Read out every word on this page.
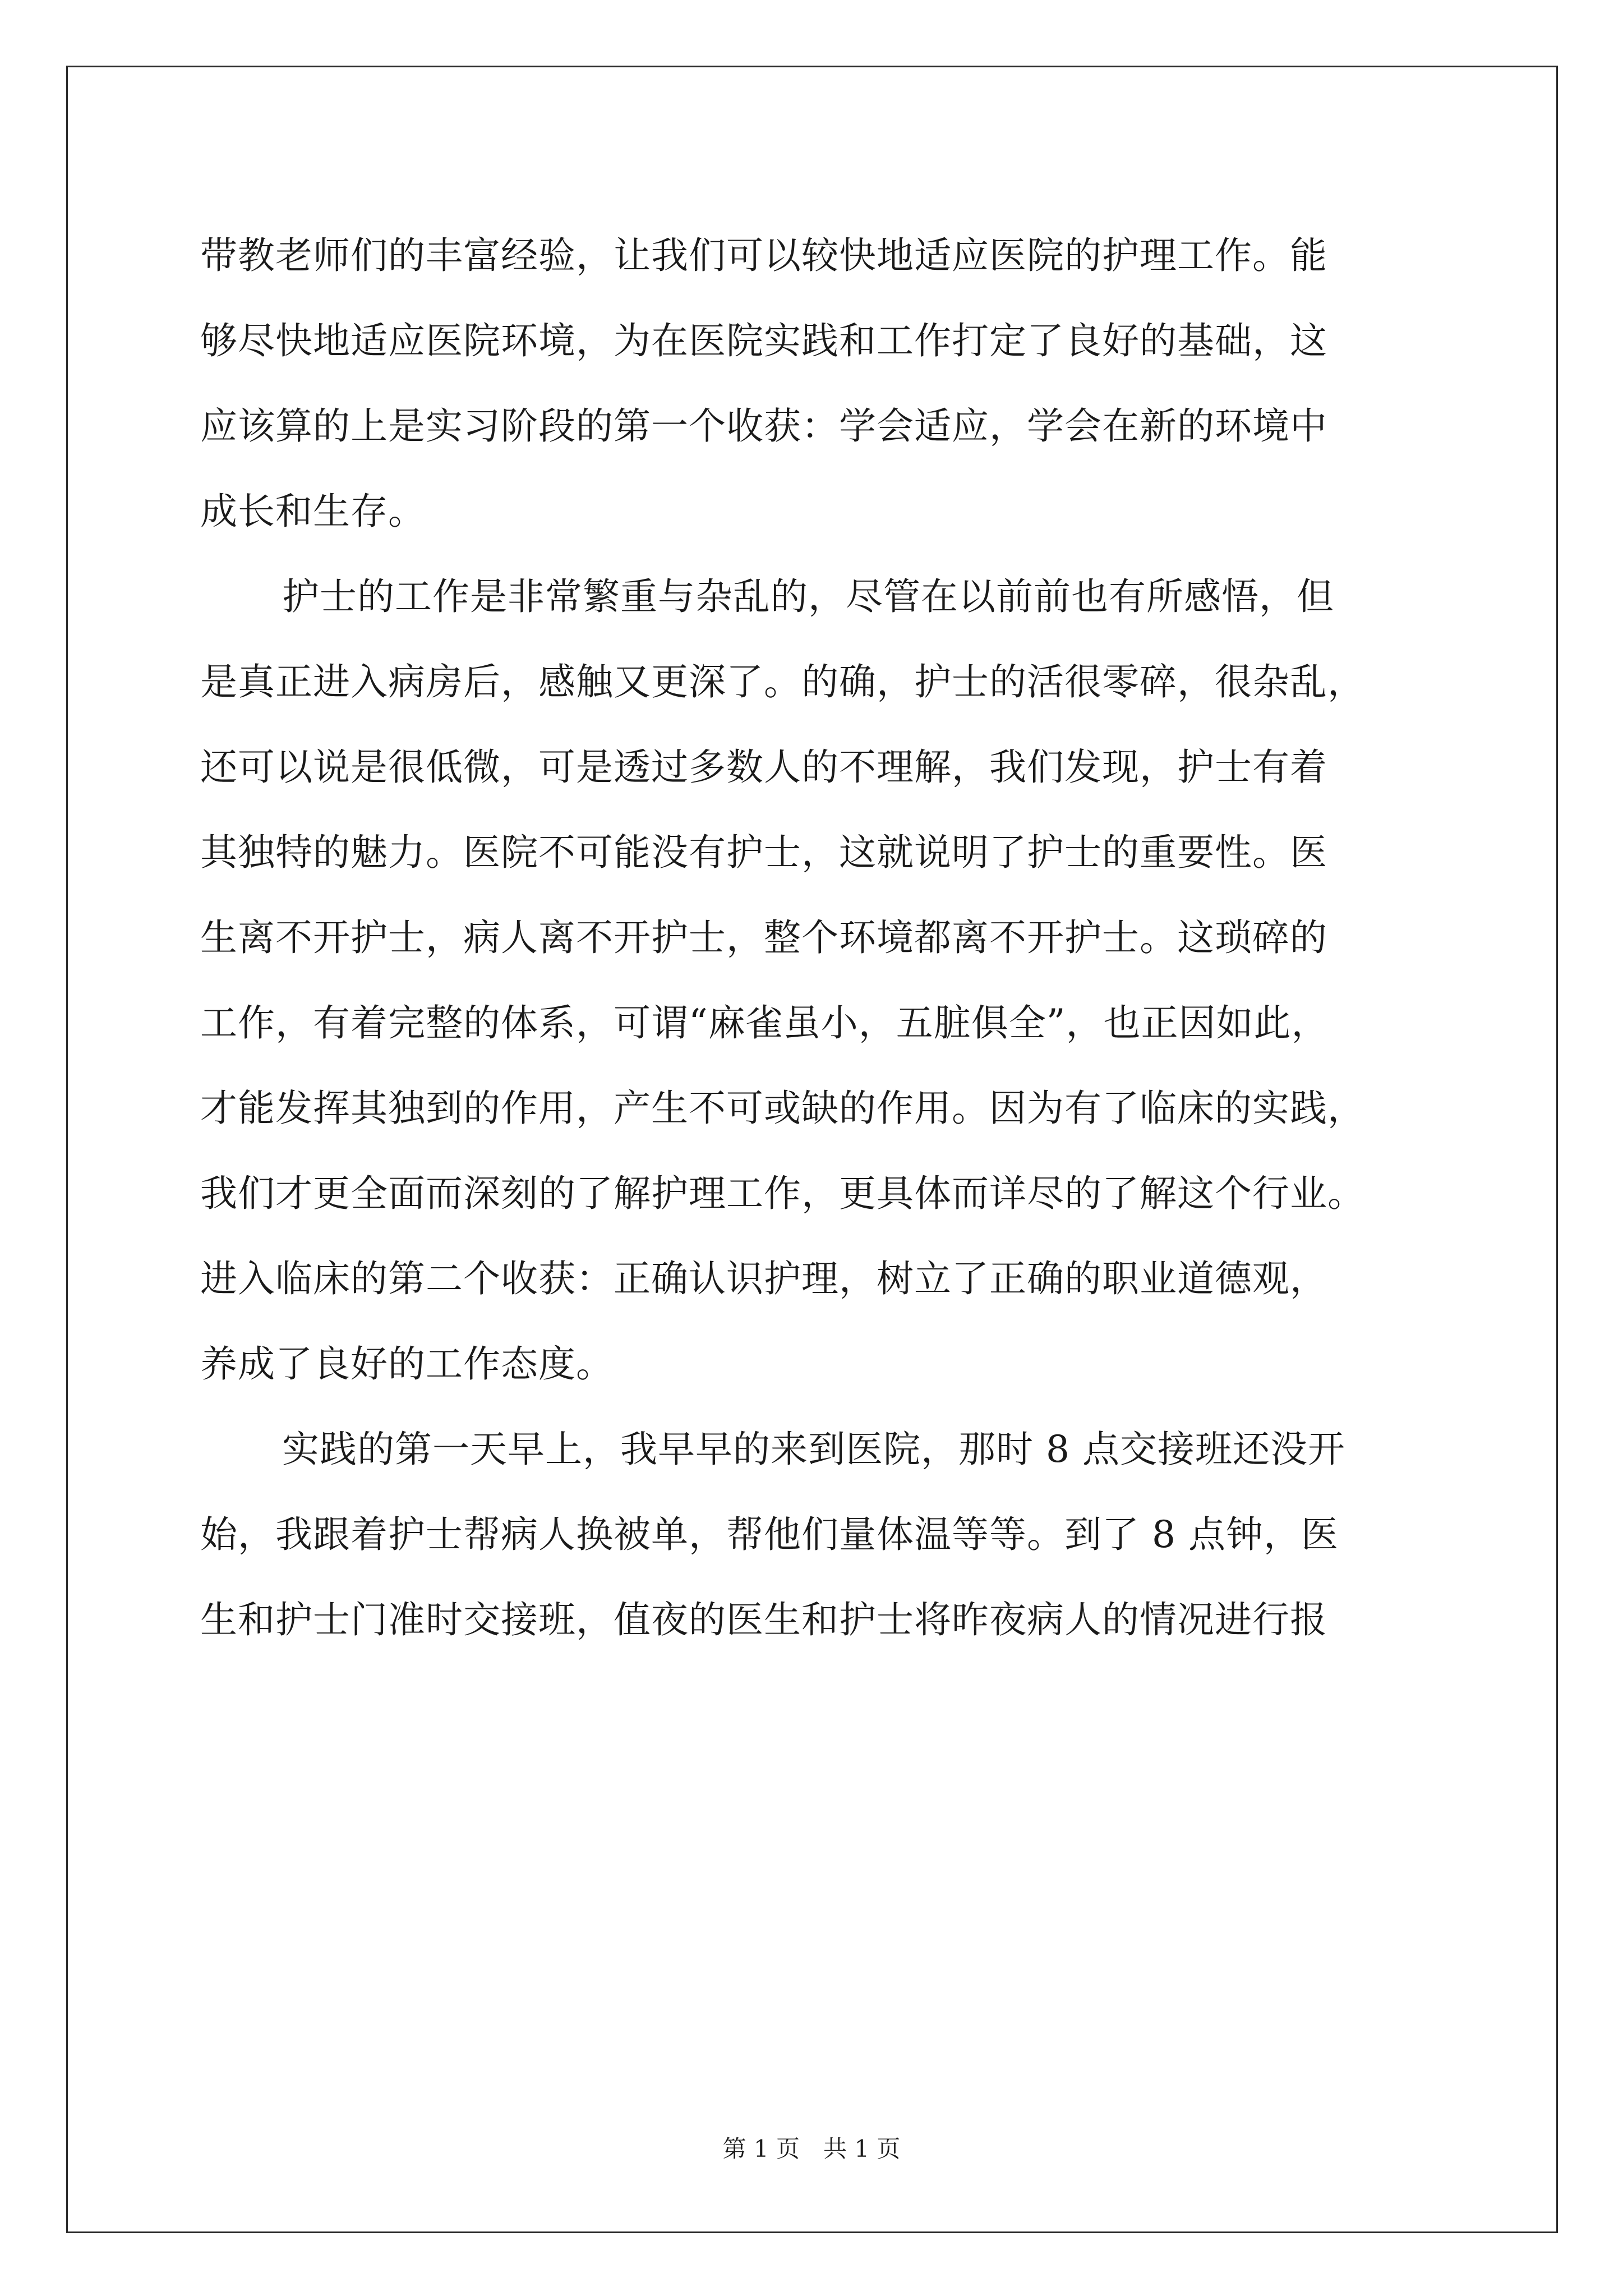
带教老师们的丰富经验，让我们可以较快地适应医院的护理工作。能
够尽快地适应医院环境，为在医院实践和工作打定了良好的基础，这
应该算的上是实习阶段的第一个收获：学会适应，学会在新的环境中
成长和生存。
护士的工作是非常繁重与杂乱的，尽管在以前前也有所感悟，但
是真正进入病房后，感触又更深了。的确，护士的活很零碎，很杂乱，
还可以说是很低微，可是透过多数人的不理解，我们发现，护士有着
其独特的魅力。医院不可能没有护士，这就说明了护士的重要性。医
生离不开护士，病人离不开护士，整个环境都离不开护士。这琐碎的
工作，有着完整的体系，可谓“麻雀虽小，五脏俱全”，也正因如此，
才能发挥其独到的作用，产生不可或缺的作用。因为有了临床的实践，
我们才更全面而深刻的了解护理工作，更具体而详尽的了解这个行业。
进入临床的第二个收获：正确认识护理，树立了正确的职业道德观，
养成了良好的工作态度。
实践的第一天早上，我早早的来到医院，那时 8 点交接班还没开
始，我跟着护士帮病人换被单，帮他们量体温等等。到了 8 点钟，医
生和护士门准时交接班，值夜的医生和护士将昨夜病人的情况进行报
第 1 页　共 1 页
